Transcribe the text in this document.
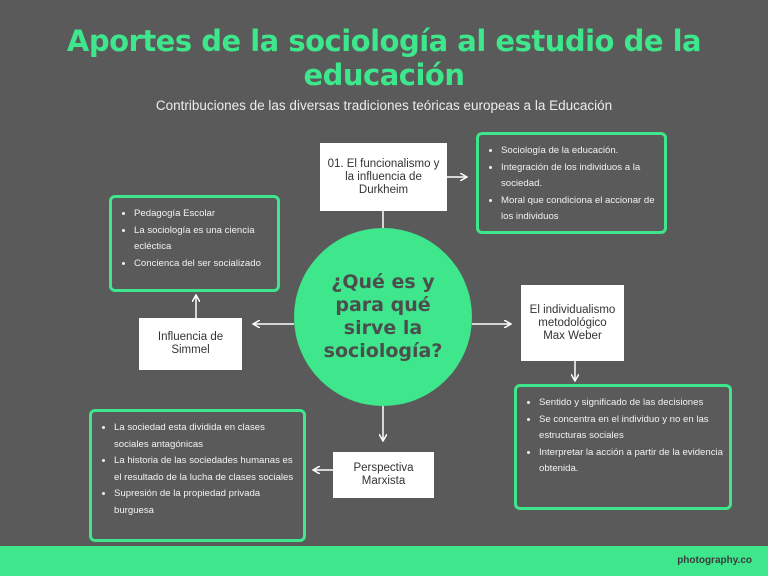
Aportes de la sociología al estudio de la educación
Contribuciones de las diversas tradiciones teóricas europeas a la Educación
01. El funcionalismo y la influencia de Durkheim
Influencia de Simmel
El individualismo metodológico Max Weber
Perspectiva Marxista
¿Qué es y para qué sirve la sociología?
• Sociología de la educación.
• Integración de los individuos a la sociedad.
• Moral que condiciona el accionar de los individuos
• Pedagogía Escolar
• La sociología es una ciencia ecléctica
• Concienca del ser socializado
• Sentido y significado de las decisiones
• Se concentra en el individuo y no en las estructuras sociales
• Interpretar la acción a partir de la evidencia obtenida.
• La sociedad esta dividida en clases sociales antagónicas
• La historia de las sociedades humanas es el resultado de la lucha de clases sociales
• Supresión de la propiedad privada burguesa
photography.co
